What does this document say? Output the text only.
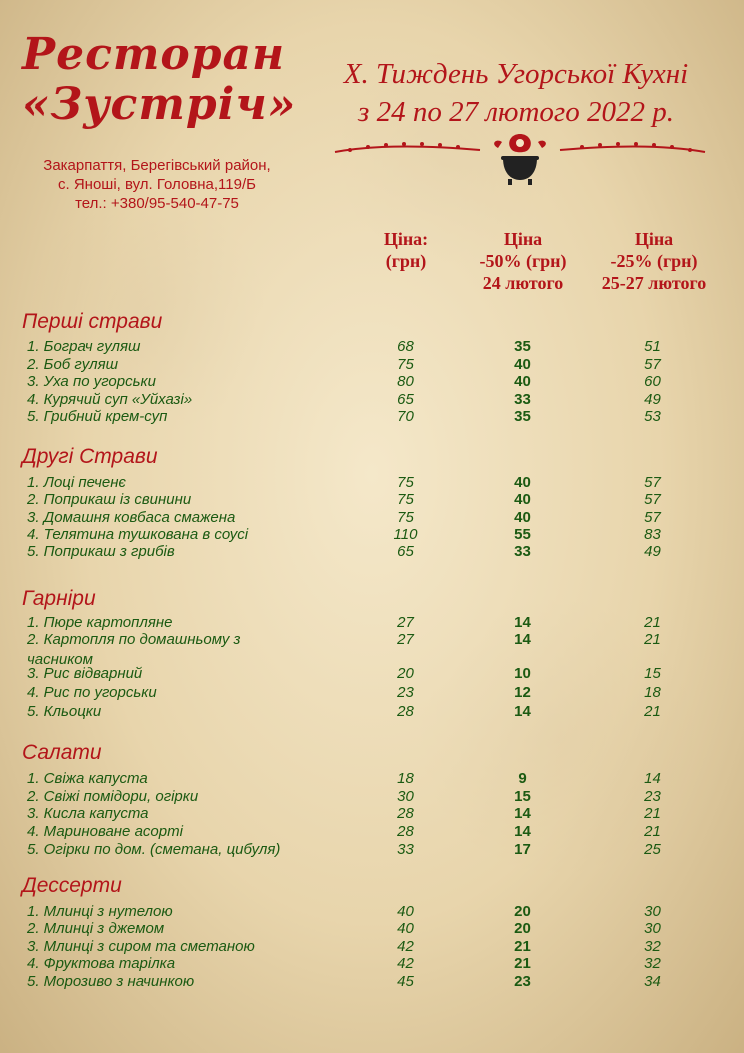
Ресторан
«Зустріч»
Закарпаття, Берегівський район,
с. Яноші, вул. Головна,119/Б
тел.: +380/95-540-47-75
X. Тиждень Угорської Кухні
з 24 по 27 лютого 2022 р.
Ціна:
(грн)
Ціна
-50% (грн)
24 лютого
Ціна
-25% (грн)
25-27 лютого
Перші страви
1. Бограч гуляш	68	35	51
2. Боб гуляш	75	40	57
3. Уха по угорськи	80	40	60
4. Курячий суп «Уйхазі»	65	33	49
5. Грибний крем-суп	70	35	53
Другі Страви
1. Лоці печенє	75	40	57
2. Поприкаш із свинини	75	40	57
3. Домашня ковбаса смажена	75	40	57
4. Телятина тушкована в соусі	110	55	83
5. Поприкаш з грибів	65	33	49
Гарніри
1. Пюре картопляне	27	14	21
2. Картопля по домашньому з	27	14	21
часником
3. Рис відварний	20	10	15
4. Рис по угорськи	23	12	18
5. Кльоцки	28	14	21
Салати
1. Свіжа капуста	18	9	14
2. Свіжі помідори, огірки	30	15	23
3. Кисла капуста	28	14	21
4. Мариноване асорті	28	14	21
5. Огірки по дом. (сметана, цибуля)	33	17	25
Дессерти
1. Млинці з нутелою	40	20	30
2. Млинці з джемом	40	20	30
3. Млинці з сиром та сметаною	42	21	32
4. Фруктова тарілка	42	21	32
5. Морозиво з начинкою	45	23	34
